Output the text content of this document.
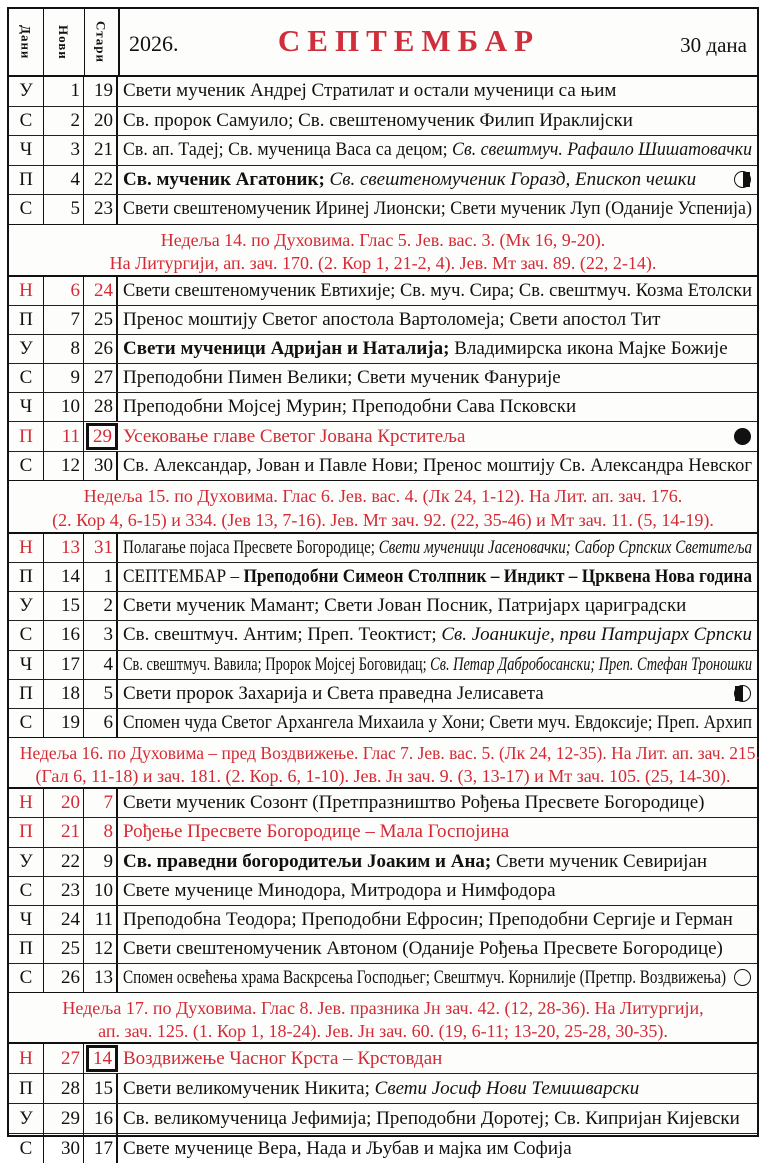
Дани Нови Стари 2026.	СЕПТЕМБАР	30 дана
У	1 19 Свети мученик Андреј Стратилат и остали мученици са њим
С	2 20 Св. пророк Самуило; Св. свештеномученик Филип Ираклијски
Ч	3 21 Св. ап. Тадеј; Св. мученица Васа са децом; Св. свештмуч. Рафаило Шишатовачки
П	4 22 Св. мученик Агатоник; Св. свештеномученик Горазд, Епископ чешки
С	5 23 Свети свештеномученик Иринеј Лионски; Свети мученик Луп (Оданије Успенија)
Недеља 14. по Духовима. Глас 5. Јев. вас. 3. (Мк 16, 9-20).
На Литургији, ап. зач. 170. (2. Кор 1, 21-2, 4). Јев. Мт зач. 89. (22, 2-14).
Н	6 24 Свети свештеномученик Евтихије; Св. муч. Сира; Св. свештмуч. Козма Етолски
П	7 25 Пренос моштију Светог апостола Вартоломеја; Свети апостол Тит
У	8 26 Свети мученици Адријан и Наталија; Владимирска икона Мајке Божије
С	9 27 Преподобни Пимен Велики; Свети мученик Фануриje
Ч	10 28 Преподобни Мојсеј Мурин; Преподобни Сава Псковски
П	11 29 Усековање главе Светог Јована Крститеља
С	12 30 Св. Александар, Јован и Павле Нови; Пренос моштију Св. Александра Невског
Недеља 15. по Духовима. Глас 6. Јев. вас. 4. (Лк 24, 1-12). На Лит. ап. зач. 176.
(2. Кор 4, 6-15) и 334. (Јев 13, 7-16). Јев. Мт зач. 92. (22, 35-46) и Мт зач. 11. (5, 14-19).
Н	13 31 Полагање појаса Пресвете Богородице; Свети мученици Јасеновачки; Сабор Српских Светитеља
П	14	1 СЕПТЕМБАР – Преподобни Симеон Столпник – Индикт – Црквена Нова година
У	15	2 Свети мученик Мамант; Свети Јован Посник, Патријарх цариградски
С	16	3 Св. свештмуч. Антим; Преп. Теоктист; Св. Јоаникије, први Патријарх Српски
Ч	17	4 Св. свештмуч. Вавила; Пророк Мојсеј Боговидац; Св. Петар Дабробосански; Преп. Стефан Тронoшки
П	18	5 Свети пророк Захарија и Света праведна Јелисавета
С	19	6 Спомен чуда Светог Архангела Михаила у Хони; Свети муч. Евдоксије; Преп. Архип
Недеља 16. по Духовима – пред Воздвижење. Глас 7. Јев. вас. 5. (Лк 24, 12-35). На Лит. ап. зач. 215.
(Гал 6, 11-18) и зач. 181. (2. Кор. 6, 1-10). Јев. Јн зач. 9. (3, 13-17) и Мт зач. 105. (25, 14-30).
Н	20	7 Свети мученик Созонт (Претпразништво Рођења Пресвете Богородице)
П	21	8 Рођење Пресвете Богородице – Мала Госпојина
У	22	9 Св. праведни богородитељи Јоаким и Ана; Свети мученик Севиријан
С	23 10 Свете мученице Минодора, Митродора и Нимфодора
Ч	24 11 Преподобна Теодора; Преподобни Ефросин; Преподобни Сергије и Герман
П	25 12 Свети свештеномученик Автоном (Оданије Рођења Пресвете Богородице)
С	26 13 Спомен освећења храма Васкрсења Господњег; Свештмуч. Корнилије (Претпр. Воздвижења)
Недеља 17. по Духовима. Глас 8. Јев. празника Јн зач. 42. (12, 28-36). На Литургији,
ап. зач. 125. (1. Кор 1, 18-24). Јев. Јн зач. 60. (19, 6-11; 13-20, 25-28, 30-35).
Н	27 14 Воздвижење Часног Крста – Крстовдан
П	28 15 Свети великомученик Никита; Свети Јосиф Нови Темишварски
У	29 16 Св. великомученица Јефимија; Преподобни Доротеј; Св. Кипријан Кијевски
С	30 17 Свете мученице Вера, Нада и Љубав и мајка им Софија
